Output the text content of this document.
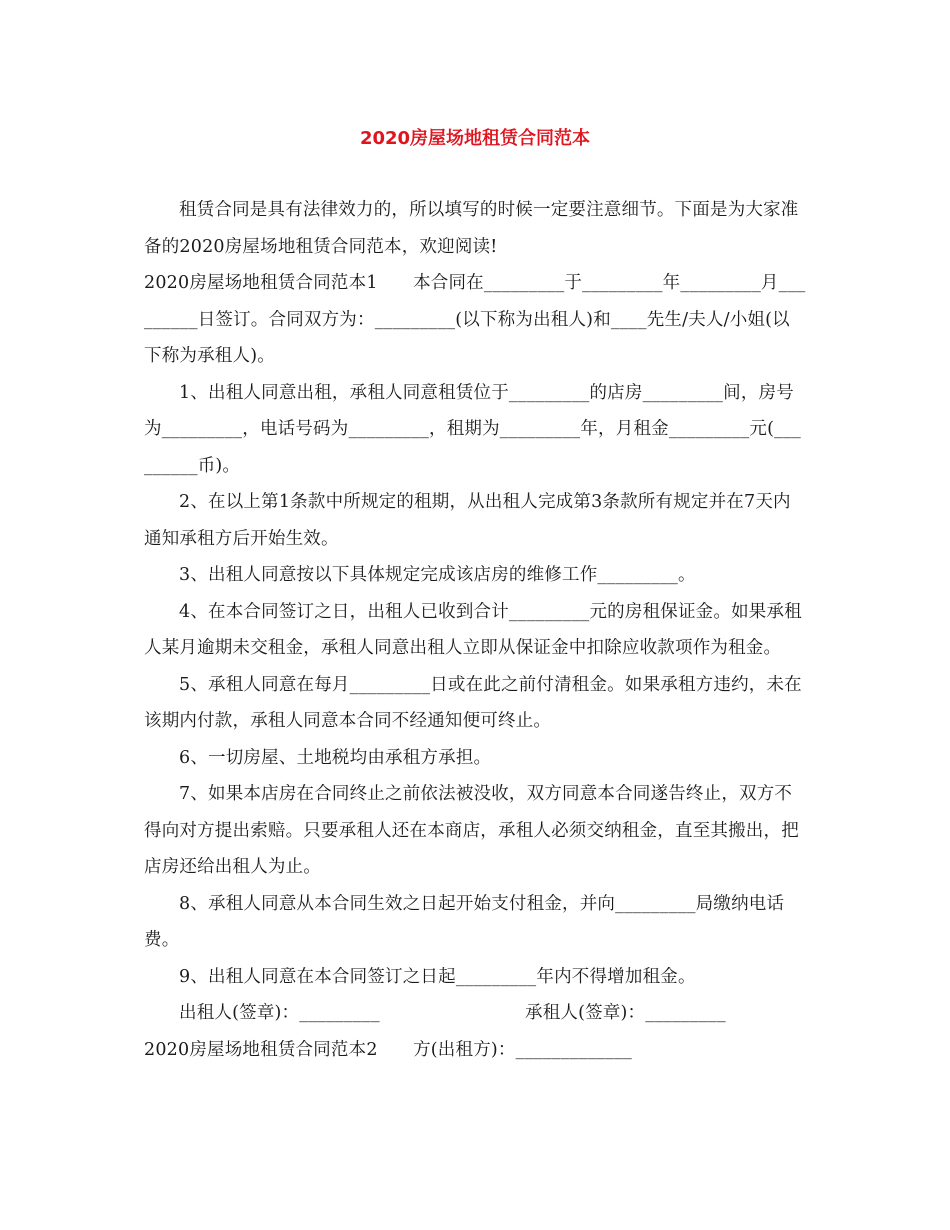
2020房屋场地租赁合同范本

租赁合同是具有法律效力的，所以填写的时候一定要注意细节。下面是为大家准备的2020房屋场地租赁合同范本，欢迎阅读!

2020房屋场地租赁合同范本1　　本合同在_________于_________年_________月_________日签订。合同双方为：_________(以下称为出租人)和____先生/夫人/小姐(以下称为承租人)。

1、出租人同意出租，承租人同意租赁位于_________的店房_________间，房号为_________，电话号码为_________，租期为_________年，月租金_________元(_________币)。

2、在以上第1条款中所规定的租期，从出租人完成第3条款所有规定并在7天内通知承租方后开始生效。

3、出租人同意按以下具体规定完成该店房的维修工作_________。

4、在本合同签订之日，出租人已收到合计_________元的房租保证金。如果承租人某月逾期未交租金，承租人同意出租人立即从保证金中扣除应收款项作为租金。

5、承租人同意在每月_________日或在此之前付清租金。如果承租方违约，未在该期内付款，承租人同意本合同不经通知便可终止。

6、一切房屋、土地税均由承租方承担。

7、如果本店房在合同终止之前依法被没收，双方同意本合同遂告终止，双方不得向对方提出索赔。只要承租人还在本商店，承租人必须交纳租金，直至其搬出，把店房还给出租人为止。

8、承租人同意从本合同生效之日起开始支付租金，并向_________局缴纳电话费。

9、出租人同意在本合同签订之日起_________年内不得增加租金。

出租人(签章)：_________

	承租人(签章)：_________

2020房屋场地租赁合同范本2　　方(出租方)：_____________
